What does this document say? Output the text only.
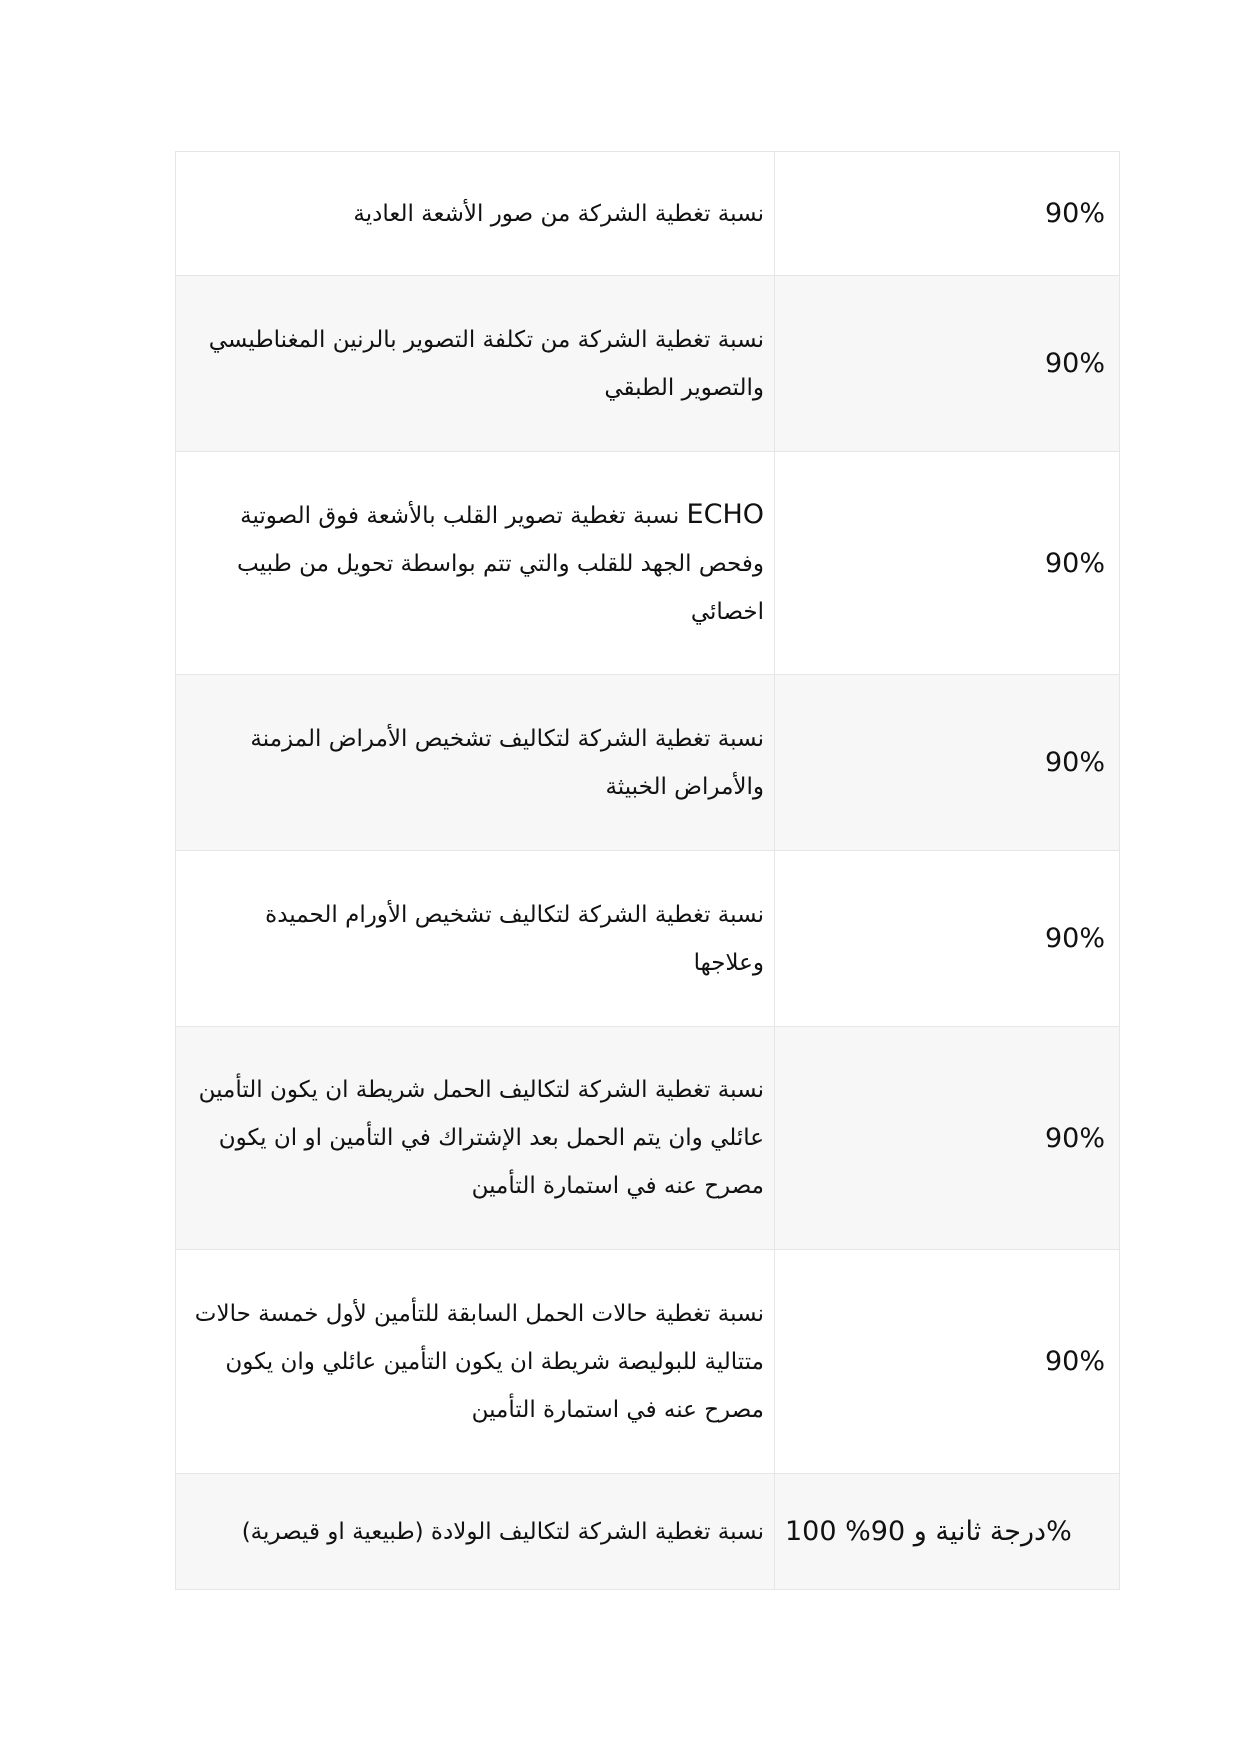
نسبة تغطية الشركة من صور الأشعة العادية	90%
نسبة تغطية الشركة من تكلفة التصوير بالرنين المغناطيسي والتصوير الطبقي	90%
ECHO نسبة تغطية تصوير القلب بالأشعة فوق الصوتية وفحص الجهد للقلب والتي تتم بواسطة تحويل من طبيب اخصائي	90%
نسبة تغطية الشركة لتكاليف تشخيص الأمراض المزمنة والأمراض الخبيثة	90%
نسبة تغطية الشركة لتكاليف تشخيص الأورام الحميدة وعلاجها	90%
نسبة تغطية الشركة لتكاليف الحمل شريطة ان يكون التأمين عائلي وان يتم الحمل بعد الإشتراك في التأمين او ان يكون مصرح عنه في استمارة التأمين	90%
نسبة تغطية حالات الحمل السابقة للتأمين لأول خمسة حالات متتالية للبوليصة شريطة ان يكون التأمين عائلي وان يكون مصرح عنه في استمارة التأمين	90%
نسبة تغطية الشركة لتكاليف الولادة (طبيعية او قيصرية)	درجة ثانية و 90% 100%
